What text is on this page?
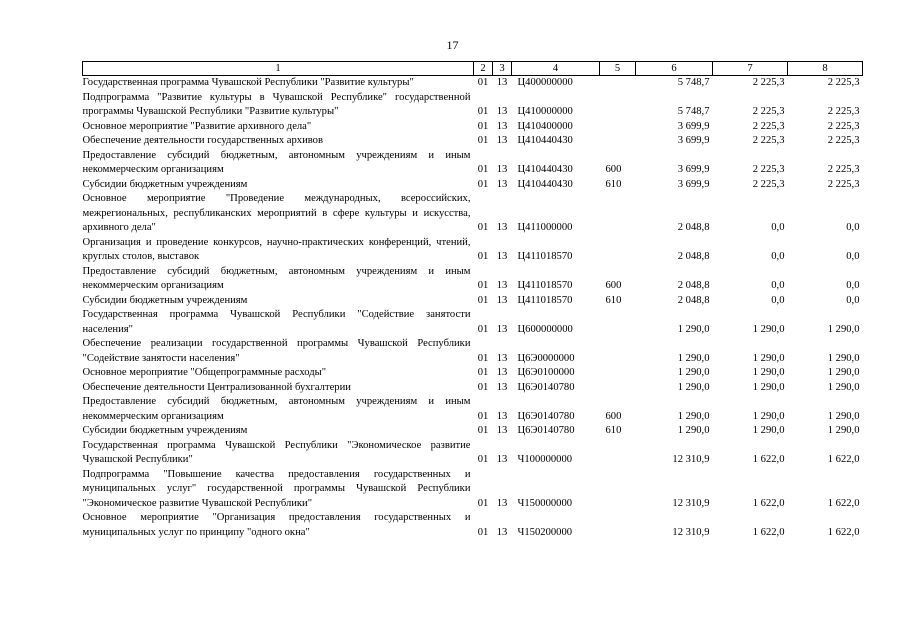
17
1	2	3	4	5	6	7	8
Государственная программа Чувашской Республики "Развитие культуры"	01	13	Ц400000000		5 748,7	2 225,3	2 225,3
Подпрограмма "Развитие культуры в Чувашской Республике" государственной программы Чувашской Республики "Развитие культуры"	01	13	Ц410000000		5 748,7	2 225,3	2 225,3
Основное мероприятие "Развитие архивного дела"	01	13	Ц410400000		3 699,9	2 225,3	2 225,3
Обеспечение деятельности государственных архивов	01	13	Ц410440430		3 699,9	2 225,3	2 225,3
Предоставление субсидий бюджетным, автономным учреждениям и иным некоммерческим организациям	01	13	Ц410440430	600	3 699,9	2 225,3	2 225,3
Субсидии бюджетным учреждениям	01	13	Ц410440430	610	3 699,9	2 225,3	2 225,3
Основное мероприятие "Проведение международных, всероссийских, межрегиональных, республиканских мероприятий в сфере культуры и искусства, архивного дела"	01	13	Ц411000000		2 048,8	0,0	0,0
Организация и проведение конкурсов, научно-практических конференций, чтений, круглых столов, выставок	01	13	Ц411018570		2 048,8	0,0	0,0
Предоставление субсидий бюджетным, автономным учреждениям и иным некоммерческим организациям	01	13	Ц411018570	600	2 048,8	0,0	0,0
Субсидии бюджетным учреждениям	01	13	Ц411018570	610	2 048,8	0,0	0,0
Государственная программа Чувашской Республики "Содействие занятости населения"	01	13	Ц600000000		1 290,0	1 290,0	1 290,0
Обеспечение реализации государственной программы Чувашской Республики "Содействие занятости населения"	01	13	Ц6Э0000000		1 290,0	1 290,0	1 290,0
Основное мероприятие "Общепрограммные расходы"	01	13	Ц6Э0100000		1 290,0	1 290,0	1 290,0
Обеспечение деятельности Централизованной бухгалтерии	01	13	Ц6Э0140780		1 290,0	1 290,0	1 290,0
Предоставление субсидий бюджетным, автономным учреждениям и иным некоммерческим организациям	01	13	Ц6Э0140780	600	1 290,0	1 290,0	1 290,0
Субсидии бюджетным учреждениям	01	13	Ц6Э0140780	610	1 290,0	1 290,0	1 290,0
Государственная программа Чувашской Республики "Экономическое развитие Чувашской Республики"	01	13	Ч100000000		12 310,9	1 622,0	1 622,0
Подпрограмма "Повышение качества предоставления государственных и муниципальных услуг" государственной программы Чувашской Республики "Экономическое развитие Чувашской Республики"	01	13	Ч150000000		12 310,9	1 622,0	1 622,0
Основное мероприятие "Организация предоставления государственных и муниципальных услуг по принципу "одного окна"	01	13	Ч150200000		12 310,9	1 622,0	1 622,0
